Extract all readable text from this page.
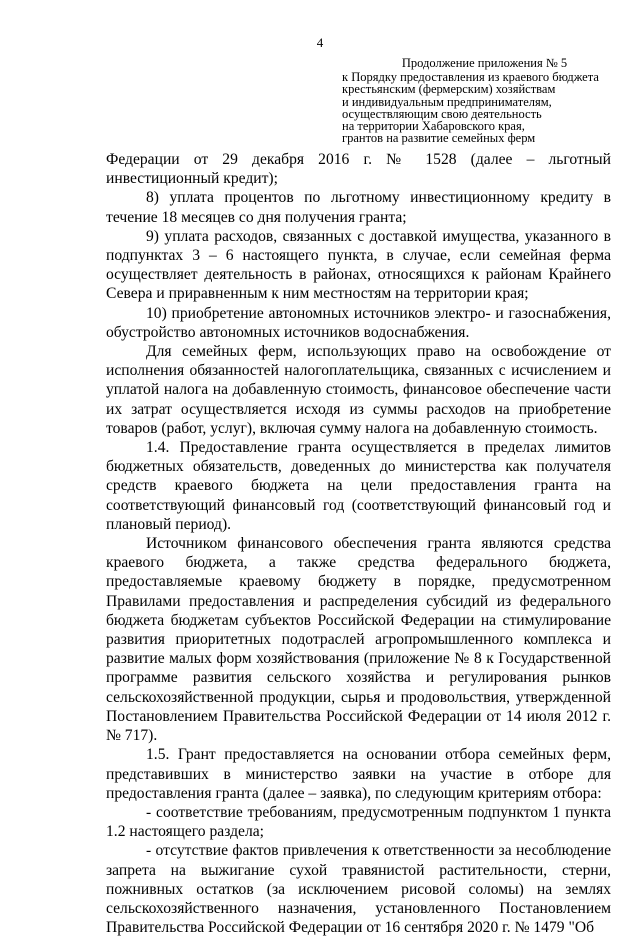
4
Продолжение приложения № 5
к Порядку предоставления из краевого бюджета
крестьянским (фермерским) хозяйствам
и индивидуальным предпринимателям,
осуществляющим свою деятельность
на территории Хабаровского края,
грантов на развитие семейных ферм

Федерации от 29 декабря 2016 г. № 1528 (далее – льготный инвестиционный кредит);

8) уплата процентов по льготному инвестиционному кредиту в течение 18 месяцев со дня получения гранта;

9) уплата расходов, связанных с доставкой имущества, указанного в подпунктах 3 – 6 настоящего пункта, в случае, если семейная ферма осуществляет деятельность в районах, относящихся к районам Крайнего Севера и приравненным к ним местностям на территории края;

10) приобретение автономных источников электро- и газоснабжения, обустройство автономных источников водоснабжения.

Для семейных ферм, использующих право на освобождение от исполнения обязанностей налогоплательщика, связанных с исчислением и уплатой налога на добавленную стоимость, финансовое обеспечение части их затрат осуществляется исходя из суммы расходов на приобретение товаров (работ, услуг), включая сумму налога на добавленную стоимость.

1.4. Предоставление гранта осуществляется в пределах лимитов бюджетных обязательств, доведенных до министерства как получателя средств краевого бюджета на цели предоставления гранта на соответствующий финансовый год (соответствующий финансовый год и плановый период).

Источником финансового обеспечения гранта являются средства краевого бюджета, а также средства федерального бюджета, предоставляемые краевому бюджету в порядке, предусмотренном Правилами предоставления и распределения субсидий из федерального бюджета бюджетам субъектов Российской Федерации на стимулирование развития приоритетных подотраслей агропромышленного комплекса и развитие малых форм хозяйствования (приложение № 8 к Государственной программе развития сельского хозяйства и регулирования рынков сельскохозяйственной продукции, сырья и продовольствия, утвержденной Постановлением Правительства Российской Федерации от 14 июля 2012 г. № 717).

1.5. Грант предоставляется на основании отбора семейных ферм, представивших в министерство заявки на участие в отборе для предоставления гранта (далее – заявка), по следующим критериям отбора:

- соответствие требованиям, предусмотренным подпунктом 1 пункта 1.2 настоящего раздела;

- отсутствие фактов привлечения к ответственности за несоблюдение запрета на выжигание сухой травянистой растительности, стерни, пожнивных остатков (за исключением рисовой соломы) на землях сельскохозяйственного назначения, установленного Постановлением Правительства Российской Федерации от 16 сентября 2020 г. № 1479 "Об
